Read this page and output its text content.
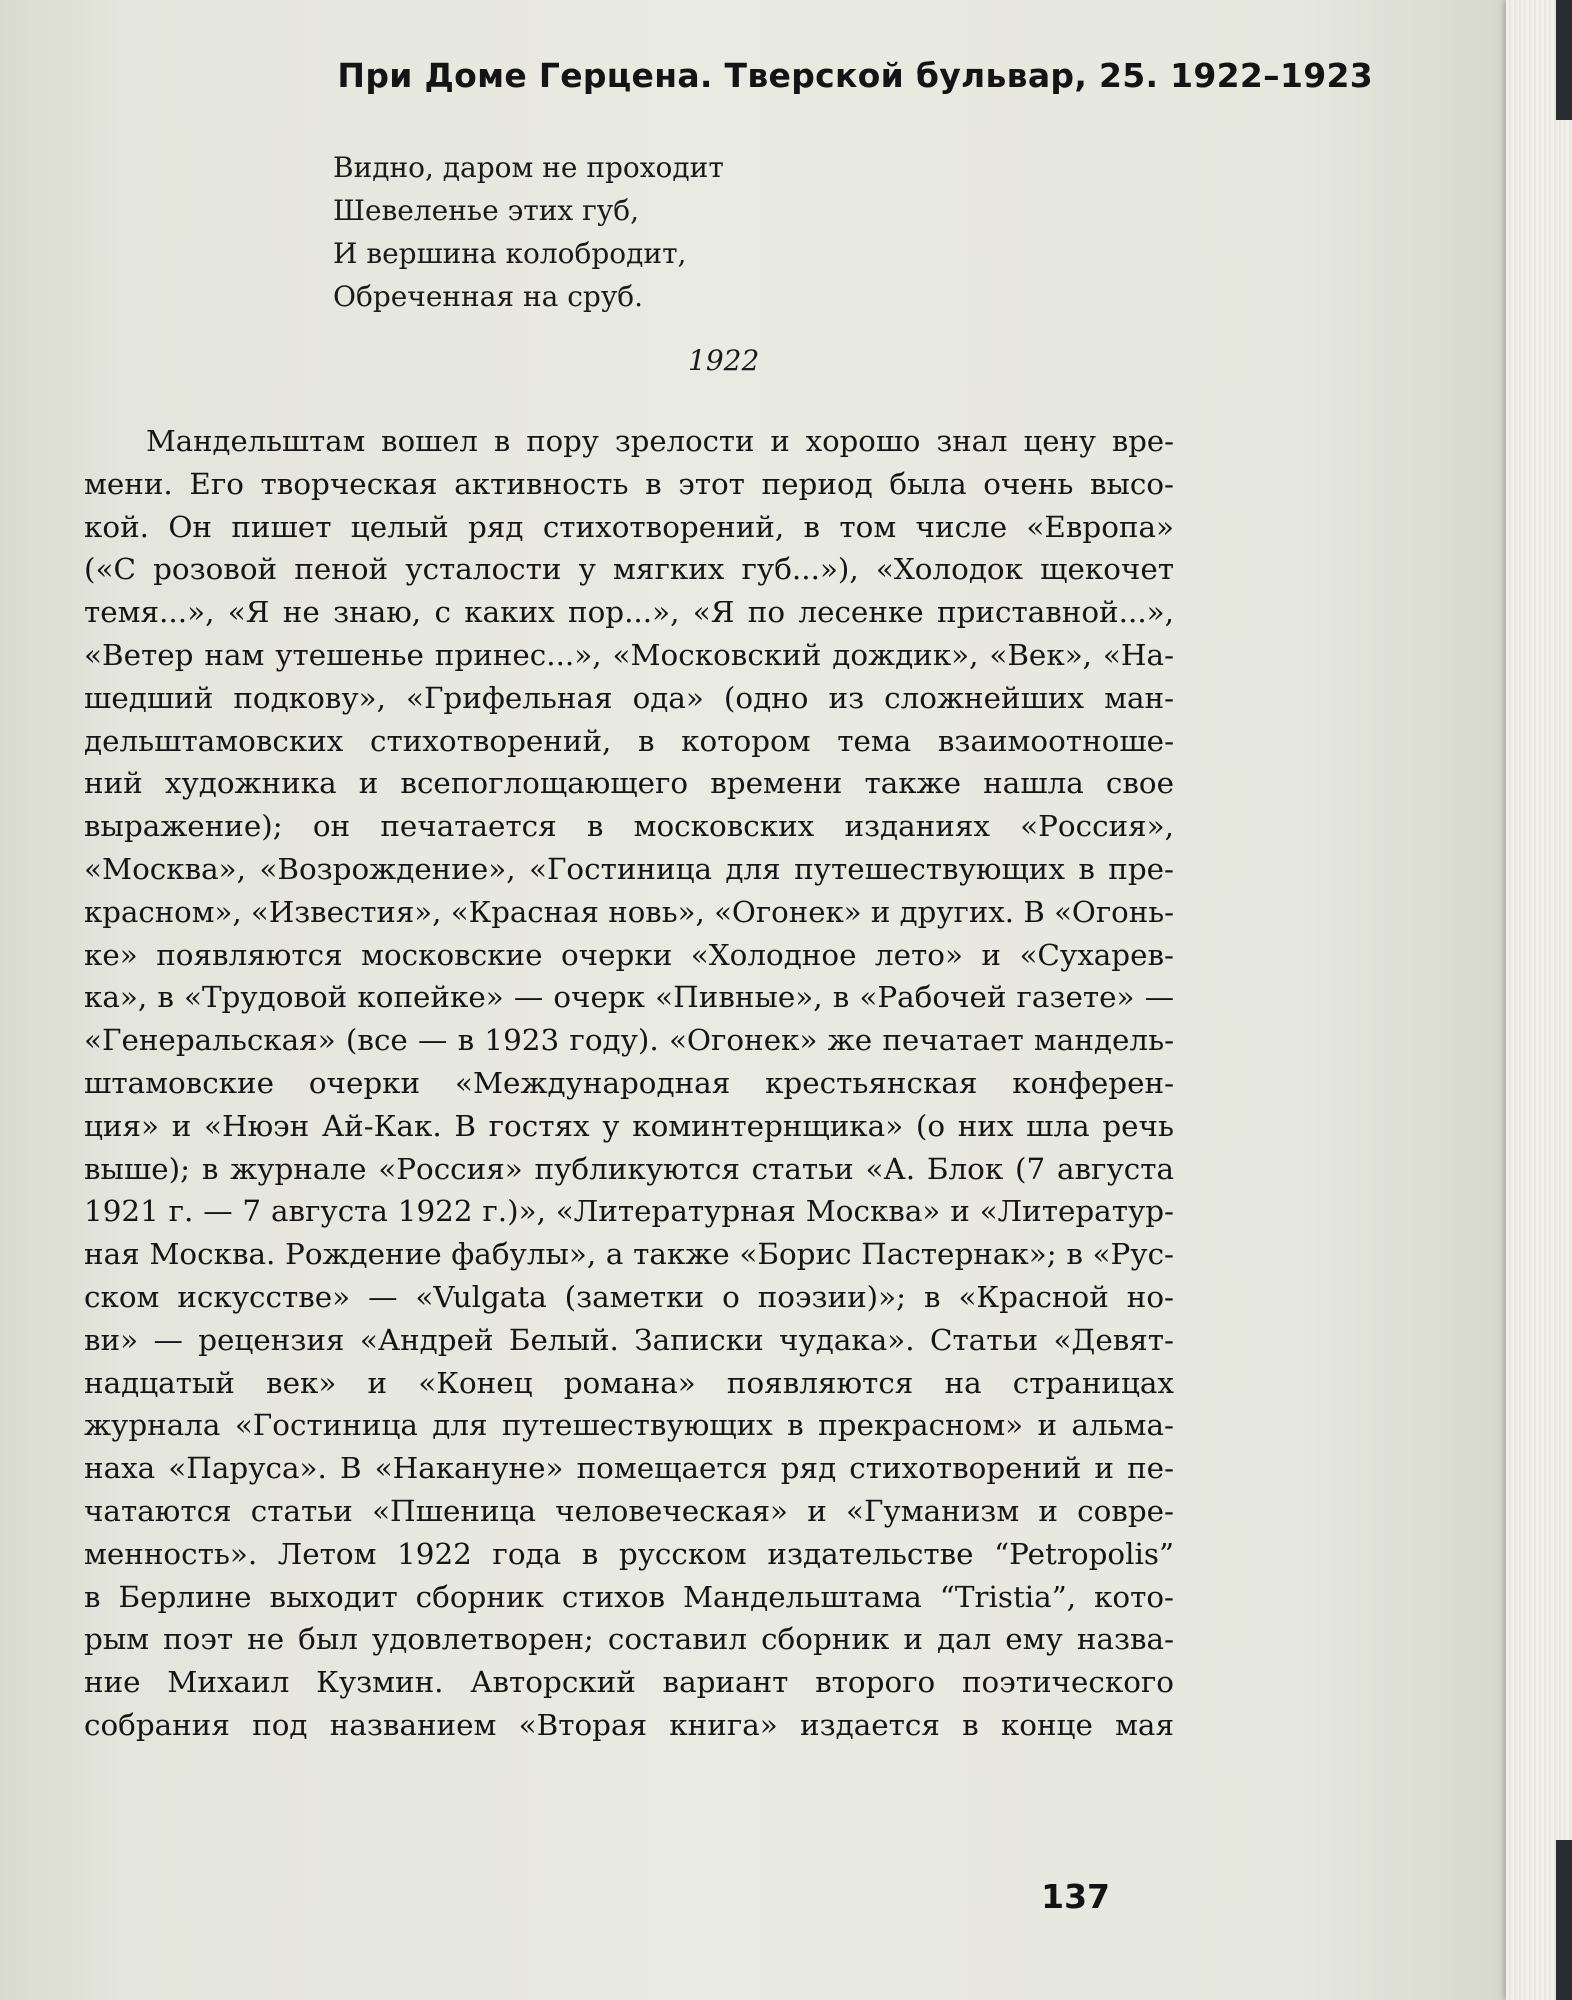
При Доме Герцена. Тверской бульвар, 25. 1922–1923
Видно, даром не проходит
Шевеленье этих губ,
И вершина колобродит,
Обреченная на сруб.
1922
Мандельштам вошел в пору зрелости и хорошо знал цену вре-
мени. Его творческая активность в этот период была очень высо-
кой. Он пишет целый ряд стихотворений, в том числе «Европа»
(«С розовой пеной усталости у мягких губ...»), «Холодок щекочет
темя...», «Я не знаю, с каких пор...», «Я по лесенке приставной...»,
«Ветер нам утешенье принес...», «Московский дождик», «Век», «На-
шедший подкову», «Грифельная ода» (одно из сложнейших ман-
дельштамовских стихотворений, в котором тема взаимоотноше-
ний художника и всепоглощающего времени также нашла свое
выражение); он печатается в московских изданиях «Россия»,
«Москва», «Возрождение», «Гостиница для путешествующих в пре-
красном», «Известия», «Красная новь», «Огонек» и других. В «Огонь-
ке» появляются московские очерки «Холодное лето» и «Сухарев-
ка», в «Трудовой копейке» — очерк «Пивные», в «Рабочей газете» —
«Генеральская» (все — в 1923 году). «Огонек» же печатает мандель-
штамовские очерки «Международная крестьянская конферен-
ция» и «Нюэн Ай-Как. В гостях у коминтернщика» (о них шла речь
выше); в журнале «Россия» публикуются статьи «А. Блок (7 августа
1921 г. — 7 августа 1922 г.)», «Литературная Москва» и «Литератур-
ная Москва. Рождение фабулы», а также «Борис Пастернак»; в «Рус-
ском искусстве» — «Vulgata (заметки о поэзии)»; в «Красной но-
ви» — рецензия «Андрей Белый. Записки чудака». Статьи «Девят-
надцатый век» и «Конец романа» появляются на страницах
журнала «Гостиница для путешествующих в прекрасном» и альма-
наха «Паруса». В «Накануне» помещается ряд стихотворений и пе-
чатаются статьи «Пшеница человеческая» и «Гуманизм и совре-
менность». Летом 1922 года в русском издательстве “Petropolis”
в Берлине выходит сборник стихов Мандельштама “Tristia”, кото-
рым поэт не был удовлетворен; составил сборник и дал ему назва-
ние Михаил Кузмин. Авторский вариант второго поэтического
собрания под названием «Вторая книга» издается в конце мая
137
